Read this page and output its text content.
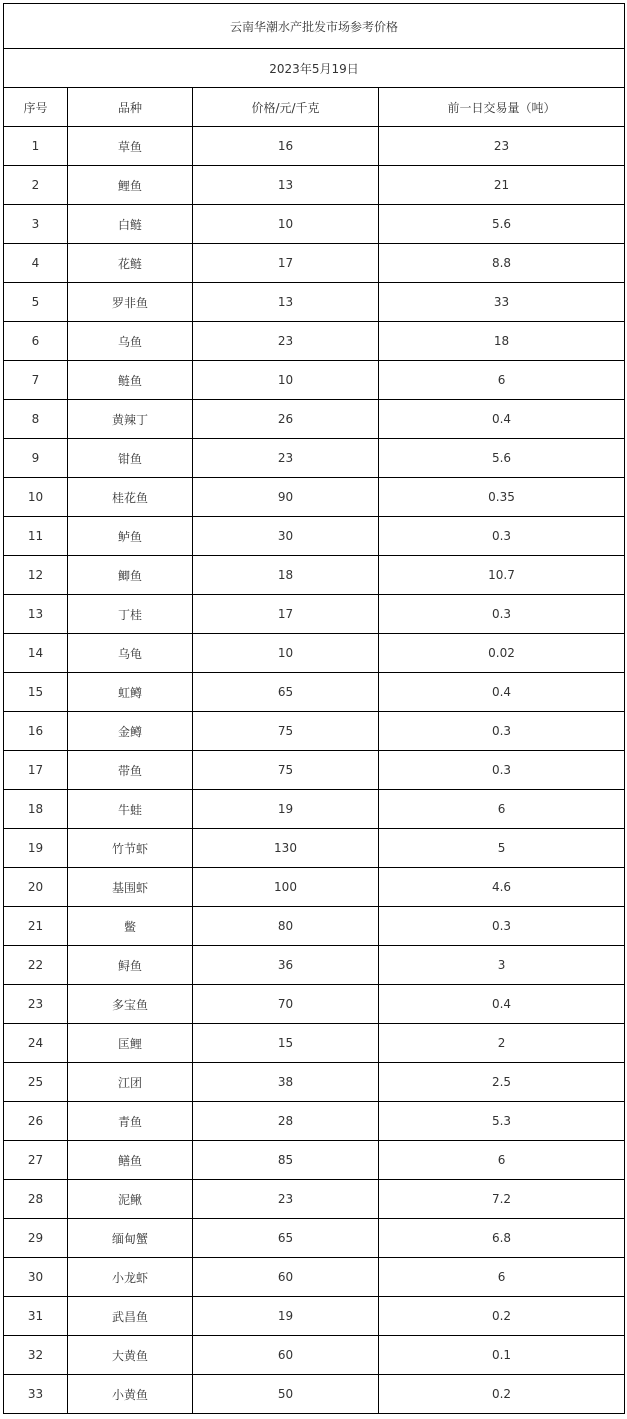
云南华潮水产批发市场参考价格			
2023年5月19日			
序号	品种	价格/元/千克	前一日交易量（吨）
1	草鱼	16	23
2	鲤鱼	13	21
3	白鲢	10	5.6
4	花鲢	17	8.8
5	罗非鱼	13	33
6	乌鱼	23	18
7	鲢鱼	10	6
8	黄辣丁	26	0.4
9	钳鱼	23	5.6
10	桂花鱼	90	0.35
11	鲈鱼	30	0.3
12	鲫鱼	18	10.7
13	丁桂	17	0.3
14	乌龟	10	0.02
15	虹鳟	65	0.4
16	金鳟	75	0.3
17	带鱼	75	0.3
18	牛蛙	19	6
19	竹节虾	130	5
20	基围虾	100	4.6
21	鳖	80	0.3
22	鲟鱼	36	3
23	多宝鱼	70	0.4
24	匡鲤	15	2
25	江团	38	2.5
26	青鱼	28	5.3
27	鳝鱼	85	6
28	泥鳅	23	7.2
29	缅甸蟹	65	6.8
30	小龙虾	60	6
31	武昌鱼	19	0.2
32	大黄鱼	60	0.1
33	小黄鱼	50	0.2
